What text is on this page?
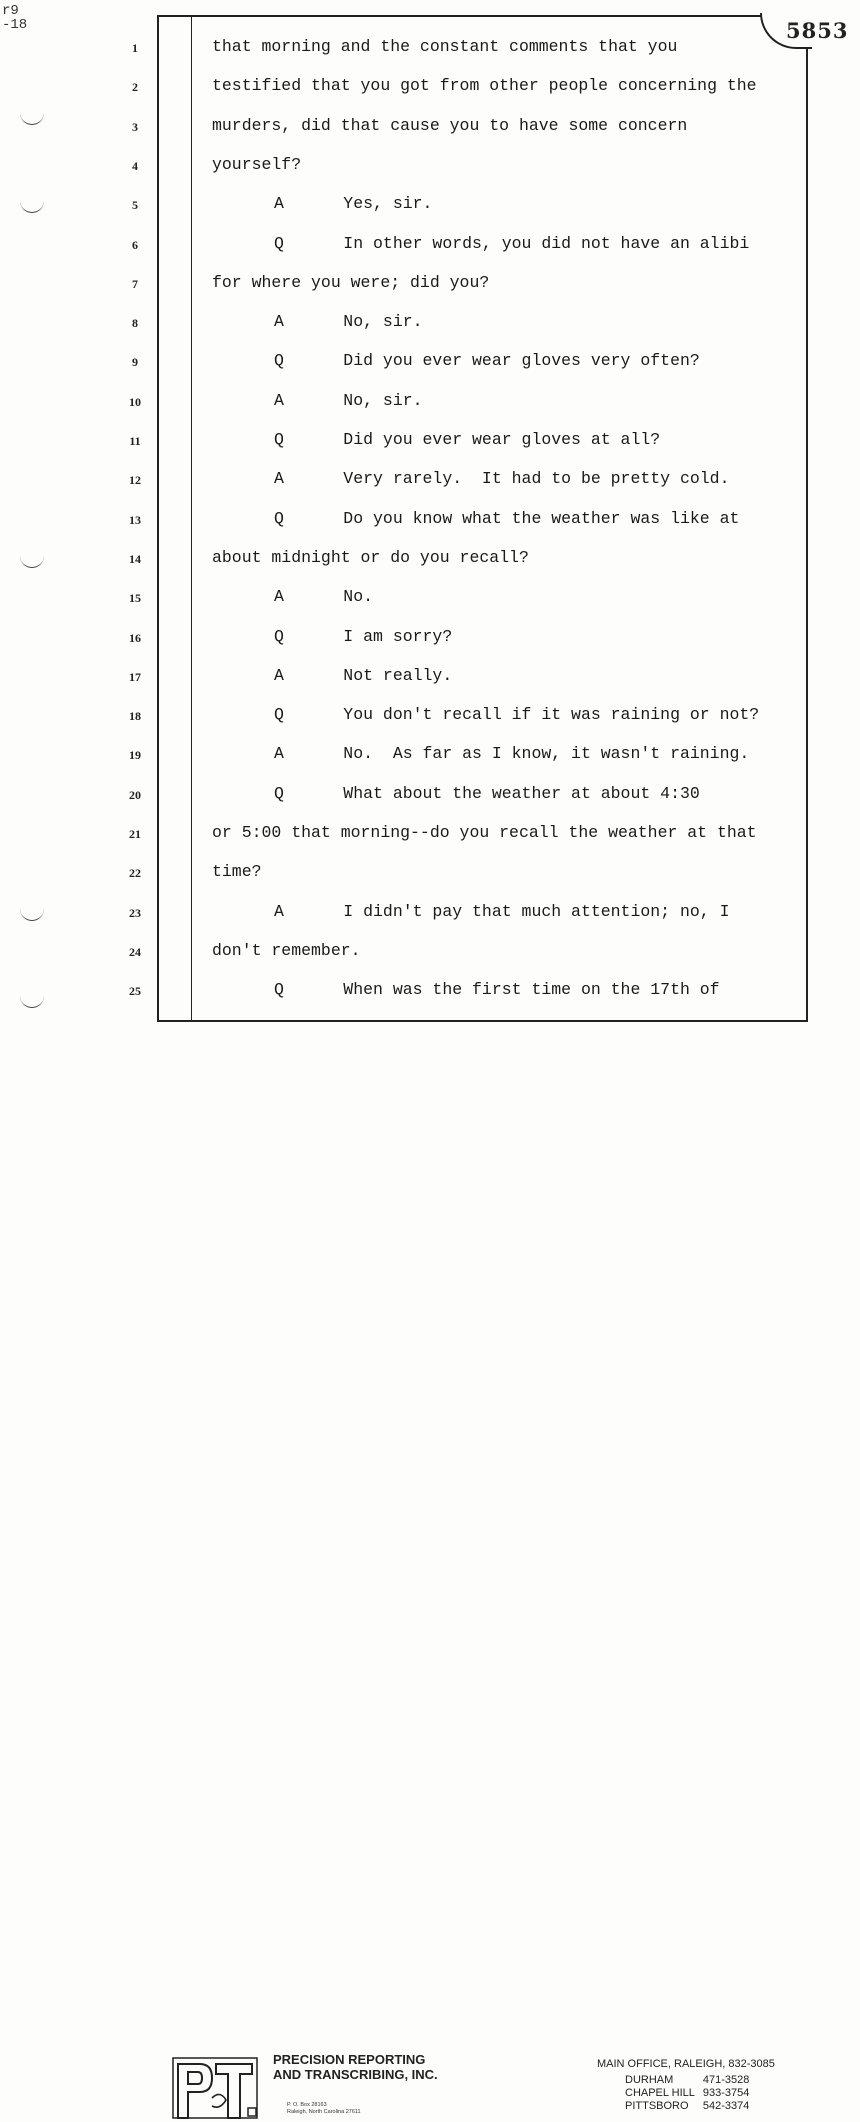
r9
-18	5853
1	that morning and the constant comments that you
2	testified that you got from other people concerning the
3	murders, did that cause you to have some concern
4	yourself?
5	A      Yes, sir.
6	Q      In other words, you did not have an alibi
7	for where you were; did you?
8	A      No, sir.
9	Q      Did you ever wear gloves very often?
10	A      No, sir.
11	Q      Did you ever wear gloves at all?
12	A      Very rarely.  It had to be pretty cold.
13	Q      Do you know what the weather was like at
14	about midnight or do you recall?
15	A      No.
16	Q      I am sorry?
17	A      Not really.
18	Q      You don't recall if it was raining or not?
19	A      No.  As far as I know, it wasn't raining.
20	Q      What about the weather at about 4:30
21	or 5:00 that morning--do you recall the weather at that
22	time?
23	A      I didn't pay that much attention; no, I
24	don't remember.
25	Q      When was the first time on the 17th of
PRECISION REPORTING
AND TRANSCRIBING, INC.
P. O. Box 28163
Raleigh, North Carolina 27611
MAIN OFFICE, RALEIGH, 832-3085
DURHAM	471-3528
CHAPEL HILL	933-3754
PITTSBORO	542-3374
